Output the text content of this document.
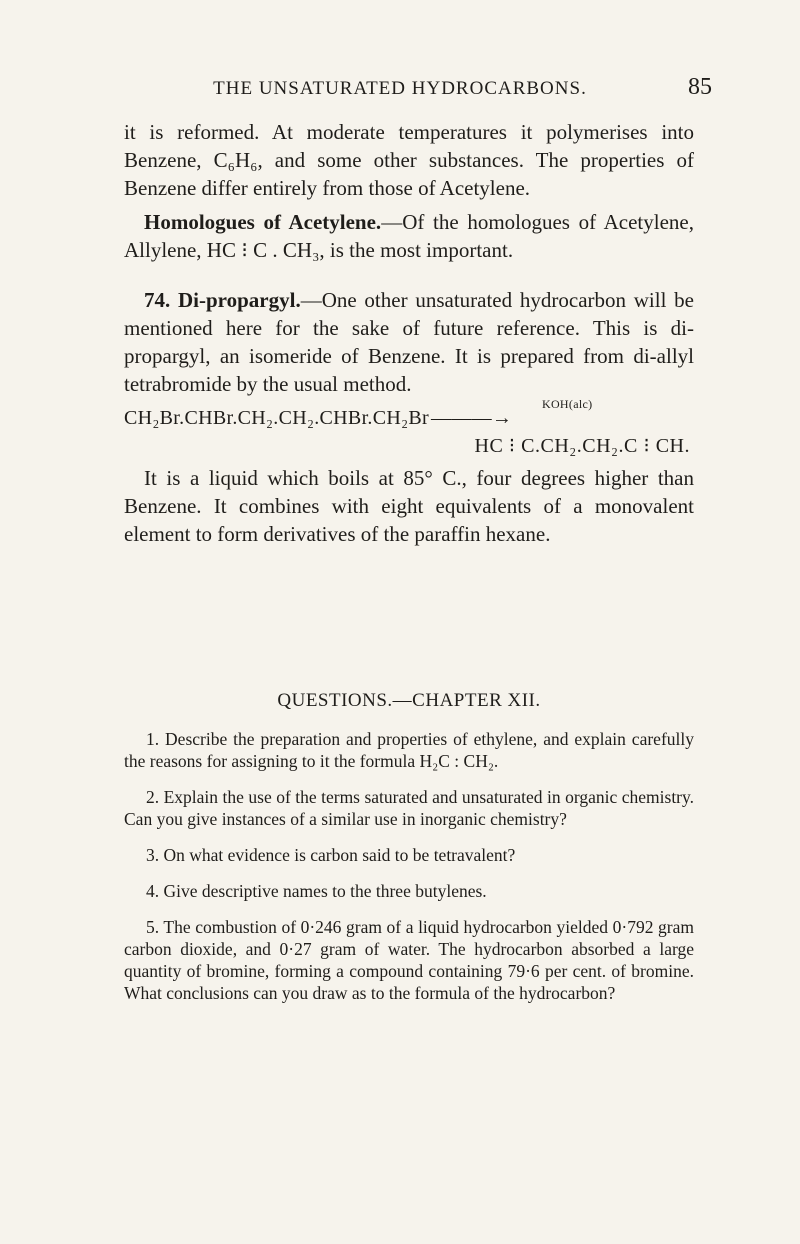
THE UNSATURATED HYDROCARBONS.	85

it is reformed. At moderate temperatures it polymerises into Benzene, C₆H₆, and some other substances. The properties of Benzene differ entirely from those of Acetylene.

Homologues of Acetylene.—Of the homologues of Acetylene, Allylene, HC ⁝ C . CH₃, is the most important.

74. Di-propargyl.—One other unsaturated hydrocarbon will be mentioned here for the sake of future reference. This is di-propargyl, an isomeride of Benzene. It is prepared from di-allyl tetrabromide by the usual method.

CH₂Br.CHBr.CH₂.CH₂.CHBr.CH₂Br ———→
KOH(alc)
HC ⁝ C.CH₂.CH₂.C ⁝ CH.

It is a liquid which boils at 85° C., four degrees higher than Benzene. It combines with eight equivalents of a monovalent element to form derivatives of the paraffin hexane.

QUESTIONS.—CHAPTER XII.
1. Describe the preparation and properties of ethylene, and explain carefully the reasons for assigning to it the formula H₂C : CH₂.
2. Explain the use of the terms saturated and unsaturated in organic chemistry. Can you give instances of a similar use in inorganic chemistry?
3. On what evidence is carbon said to be tetravalent?
4. Give descriptive names to the three butylenes.
5. The combustion of 0·246 gram of a liquid hydrocarbon yielded 0·792 gram carbon dioxide, and 0·27 gram of water. The hydrocarbon absorbed a large quantity of bromine, forming a compound containing 79·6 per cent. of bromine. What conclusions can you draw as to the formula of the hydrocarbon?
